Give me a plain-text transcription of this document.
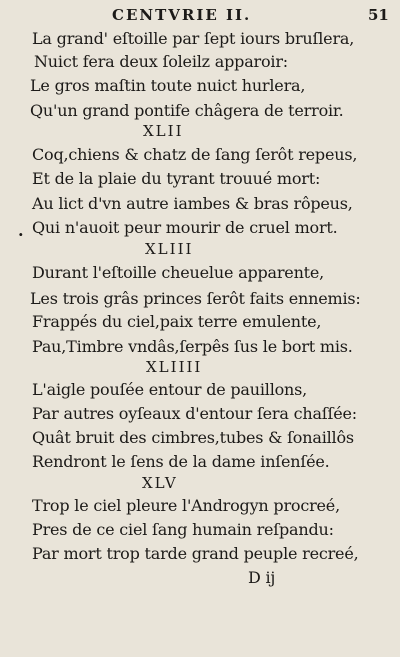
CENTVRIE II.	51
La grand' eſtoille par ſept iours bruſlera,
Nuict fera deux ſoleilz apparoir:
Le gros maſtin toute nuict hurlera,
Qu'un grand pontife châgera de terroir.
XLII
Coq,chiens & chatz de ſang ſerôt repeus,
Et de la plaie du tyrant trouué mort:
Au lict d'vn autre iambes & bras rôpeus,
. Qui n'auoit peur mourir de cruel mort.
XLIII
Durant l'eſtoille cheuelue apparente,
Les trois grâs princes ſerôt faits ennemis:
Frappés du ciel,paix terre emulente,
Pau,Timbre vndâs,ſerpês ſus le bort mis.
XLIIII
L'aigle pouſée entour de pauillons,
Par autres oyſeaux d'entour ſera chaſſée:
Quât bruit des cimbres,tubes & ſonaillôs
Rendront le ſens de la dame inſenſée.
XLV
Trop le ciel pleure l'Androgyn procreé,
Pres de ce ciel ſang humain reſpandu:
Par mort trop tarde grand peuple recreé,
D ij
